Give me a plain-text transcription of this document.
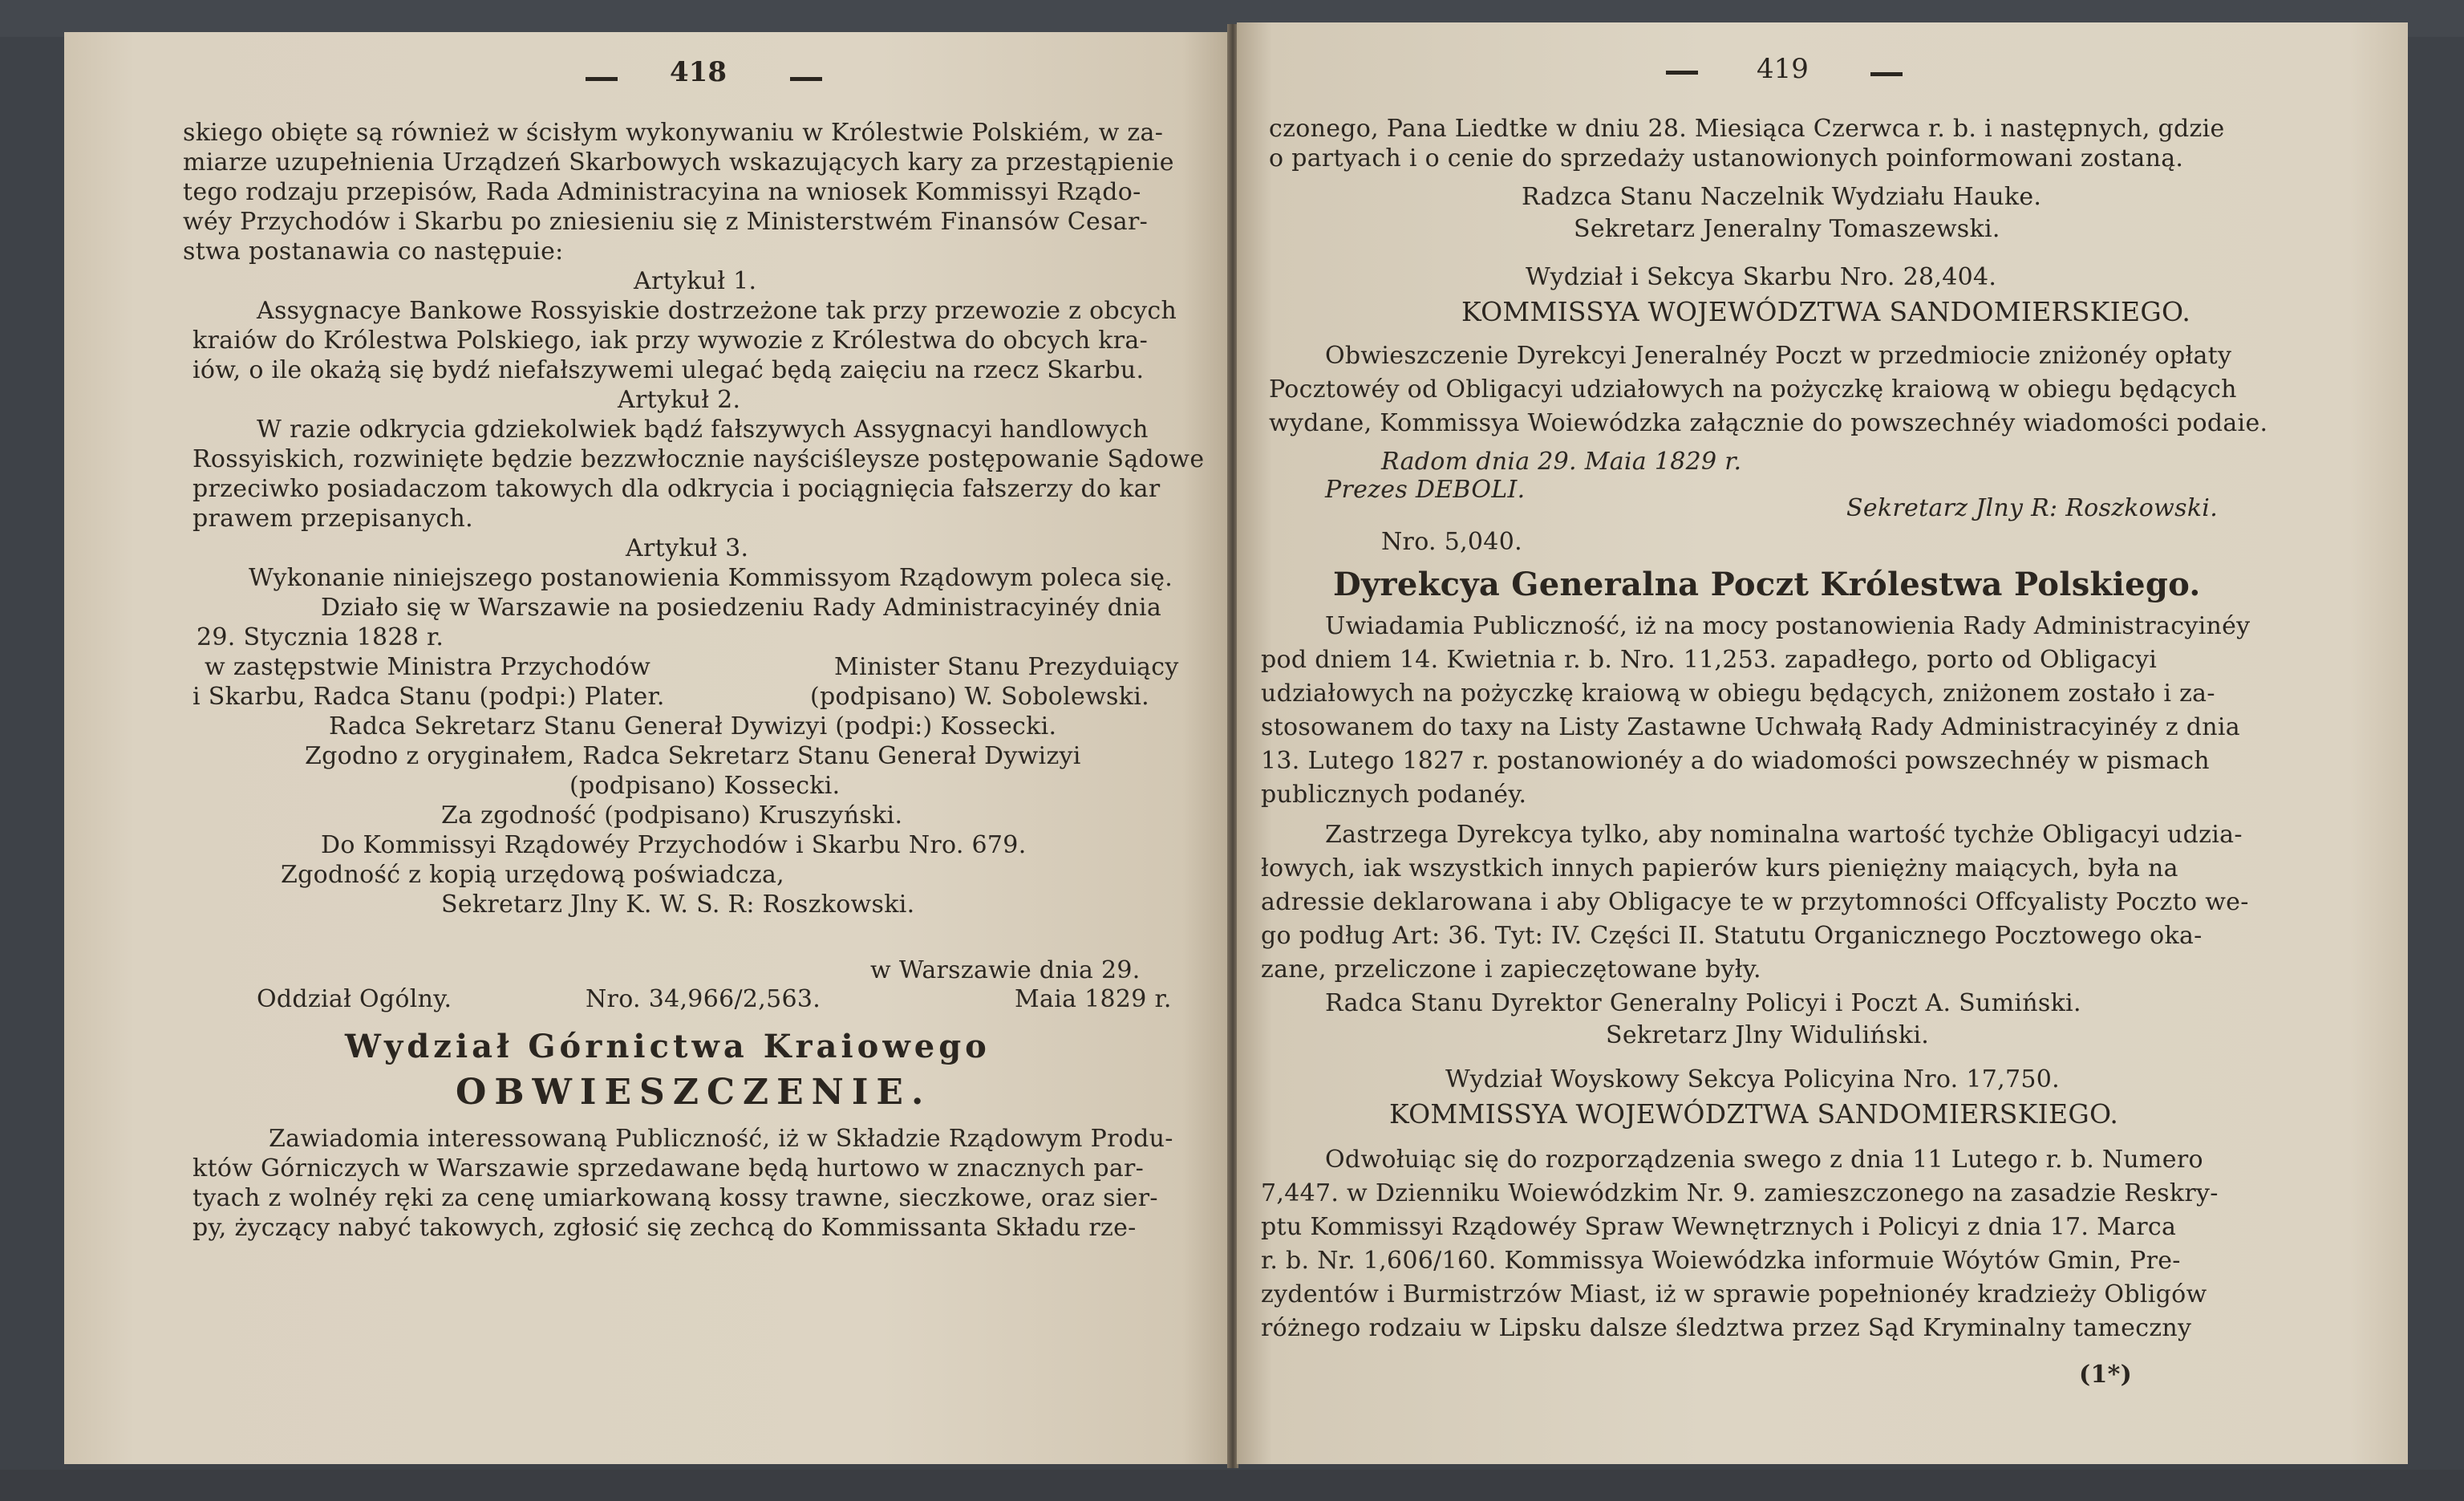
418
skiego obięte są również w ścisłym wykonywaniu w Królestwie Polskiém, w za-
miarze uzupełnienia Urządzeń Skarbowych wskazujących kary za przestąpienie
tego rodzaju przepisów, Rada Administracyina na wniosek Kommissyi Rządo-
wéy Przychodów i Skarbu po zniesieniu się z Ministerstwém Finansów Cesar-
stwa postanawia co następuie:
Artykuł 1.
Assygnacye Bankowe Rossyiskie dostrzeżone tak przy przewozie z obcych
kraiów do Królestwa Polskiego, iak przy wywozie z Królestwa do obcych kra-
iów, o ile okażą się bydź niefałszywemi ulegać będą zaięciu na rzecz Skarbu.
Artykuł 2.
W razie odkrycia gdziekolwiek bądź fałszywych Assygnacyi handlowych
Rossyiskich, rozwinięte będzie bezzwłocznie nayściśleysze postępowanie Sądowe
przeciwko posiadaczom takowych dla odkrycia i pociągnięcia fałszerzy do kar
prawem przepisanych.
Artykuł 3.
Wykonanie niniejszego postanowienia Kommissyom Rządowym poleca się.
Działo się w Warszawie na posiedzeniu Rady Administracyinéy dnia
29. Stycznia 1828 r.
w zastępstwie Ministra Przychodów	Minister Stanu Prezyduiący
i Skarbu, Radca Stanu (podpi:) Plater.	(podpisano) W. Sobolewski.
Radca Sekretarz Stanu Generał Dywizyi (podpi:) Kossecki.
Zgodno z oryginałem, Radca Sekretarz Stanu Generał Dywizyi
(podpisano) Kossecki.
Za zgodność (podpisano) Kruszyński.
Do Kommissyi Rządowéy Przychodów i Skarbu Nro. 679.
Zgodność z kopią urzędową poświadcza,
Sekretarz Jlny K. W. S. R: Roszkowski.
w Warszawie dnia 29.
Oddział Ogólny.	Nro. 34,966/2,563.	Maia 1829 r.
Wydział Górnictwa Kraiowego
OBWIESZCZENIE.
Zawiadomia interessowaną Publiczność, iż w Składzie Rządowym Produ-
któw Górniczych w Warszawie sprzedawane będą hurtowo w znacznych par-
tyach z wolnéy ręki za cenę umiarkowaną kossy trawne, sieczkowe, oraz sier-
py, życzący nabyć takowych, zgłosić się zechcą do Kommissanta Składu rze-
419
czonego, Pana Liedtke w dniu 28. Miesiąca Czerwca r. b. i następnych, gdzie
o partyach i o cenie do sprzedaży ustanowionych poinformowani zostaną.
Radzca Stanu Naczelnik Wydziału Hauke.
Sekretarz Jeneralny Tomaszewski.
Wydział i Sekcya Skarbu Nro. 28,404.
KOMMISSYA WOJEWÓDZTWA SANDOMIERSKIEGO.
Obwieszczenie Dyrekcyi Jeneralnéy Poczt w przedmiocie zniżonéy opłaty
Pocztowéy od Obligacyi udziałowych na pożyczkę kraiową w obiegu będących
wydane, Kommissya Woiewódzka załącznie do powszechnéy wiadomości podaie.
Radom dnia 29. Maia 1829 r.
Prezes DEBOLI.
Sekretarz Jlny R: Roszkowski.
Nro. 5,040.
Dyrekcya Generalna Poczt Królestwa Polskiego.
Uwiadamia Publiczność, iż na mocy postanowienia Rady Administracyinéy
pod dniem 14. Kwietnia r. b. Nro. 11,253. zapadłego, porto od Obligacyi
udziałowych na pożyczkę kraiową w obiegu będących, zniżonem zostało i za-
stosowanem do taxy na Listy Zastawne Uchwałą Rady Administracyinéy z dnia
13. Lutego 1827 r. postanowionéy a do wiadomości powszechnéy w pismach
publicznych podanéy.
Zastrzega Dyrekcya tylko, aby nominalna wartość tychże Obligacyi udzia-
łowych, iak wszystkich innych papierów kurs pieniężny maiących, była na
adressie deklarowana i aby Obligacye te w przytomności Offcyalisty Poczto we-
go podług Art: 36. Tyt: IV. Części II. Statutu Organicznego Pocztowego oka-
zane, przeliczone i zapieczętowane były.
Radca Stanu Dyrektor Generalny Policyi i Poczt A. Sumiński.
Sekretarz Jlny Widuliński.
Wydział Woyskowy Sekcya Policyina Nro. 17,750.
KOMMISSYA WOJEWÓDZTWA SANDOMIERSKIEGO.
Odwołuiąc się do rozporządzenia swego z dnia 11 Lutego r. b. Numero
7,447. w Dzienniku Woiewódzkim Nr. 9. zamieszczonego na zasadzie Reskry-
ptu Kommissyi Rządowéy Spraw Wewnętrznych i Policyi z dnia 17. Marca
r. b. Nr. 1,606/160. Kommissya Woiewódzka informuie Wóytów Gmin, Pre-
zydentów i Burmistrzów Miast, iż w sprawie popełnionéy kradzieży Obligów
różnego rodzaiu w Lipsku dalsze śledztwa przez Sąd Kryminalny tameczny
(1*)
